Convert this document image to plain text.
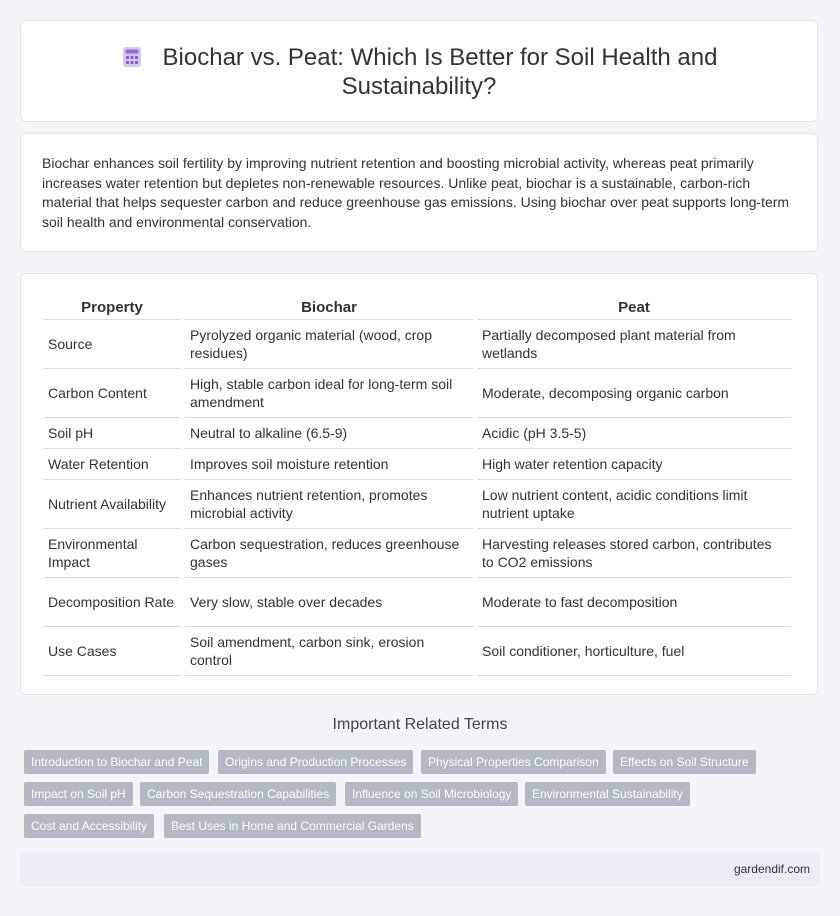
Biochar vs. Peat: Which Is Better for Soil Health and
Sustainability?

Biochar enhances soil fertility by improving nutrient retention and boosting microbial activity, whereas peat primarily increases water retention but depletes non-renewable resources. Unlike peat, biochar is a sustainable, carbon-rich material that helps sequester carbon and reduce greenhouse gas emissions. Using biochar over peat supports long-term soil health and environmental conservation.

Property	Biochar	Peat
Source	Pyrolyzed organic material (wood, crop residues)	Partially decomposed plant material from wetlands
Carbon Content	High, stable carbon ideal for long-term soil amendment	Moderate, decomposing organic carbon
Soil pH	Neutral to alkaline (6.5-9)	Acidic (pH 3.5-5)
Water Retention	Improves soil moisture retention	High water retention capacity
Nutrient Availability	Enhances nutrient retention, promotes microbial activity	Low nutrient content, acidic conditions limit nutrient uptake
Environmental Impact	Carbon sequestration, reduces greenhouse gases	Harvesting releases stored carbon, contributes to CO2 emissions
Decomposition Rate	Very slow, stable over decades	Moderate to fast decomposition
Use Cases	Soil amendment, carbon sink, erosion control	Soil conditioner, horticulture, fuel
Important Related Terms
Introduction to Biochar and Peat	Origins and Production Processes	Physical Properties Comparison	Effects on Soil Structure
Impact on Soil pH	Carbon Sequestration Capabilities	Influence on Soil Microbiology	Environmental Sustainability
Cost and Accessibility	Best Uses in Home and Commercial Gardens
gardendif.com
